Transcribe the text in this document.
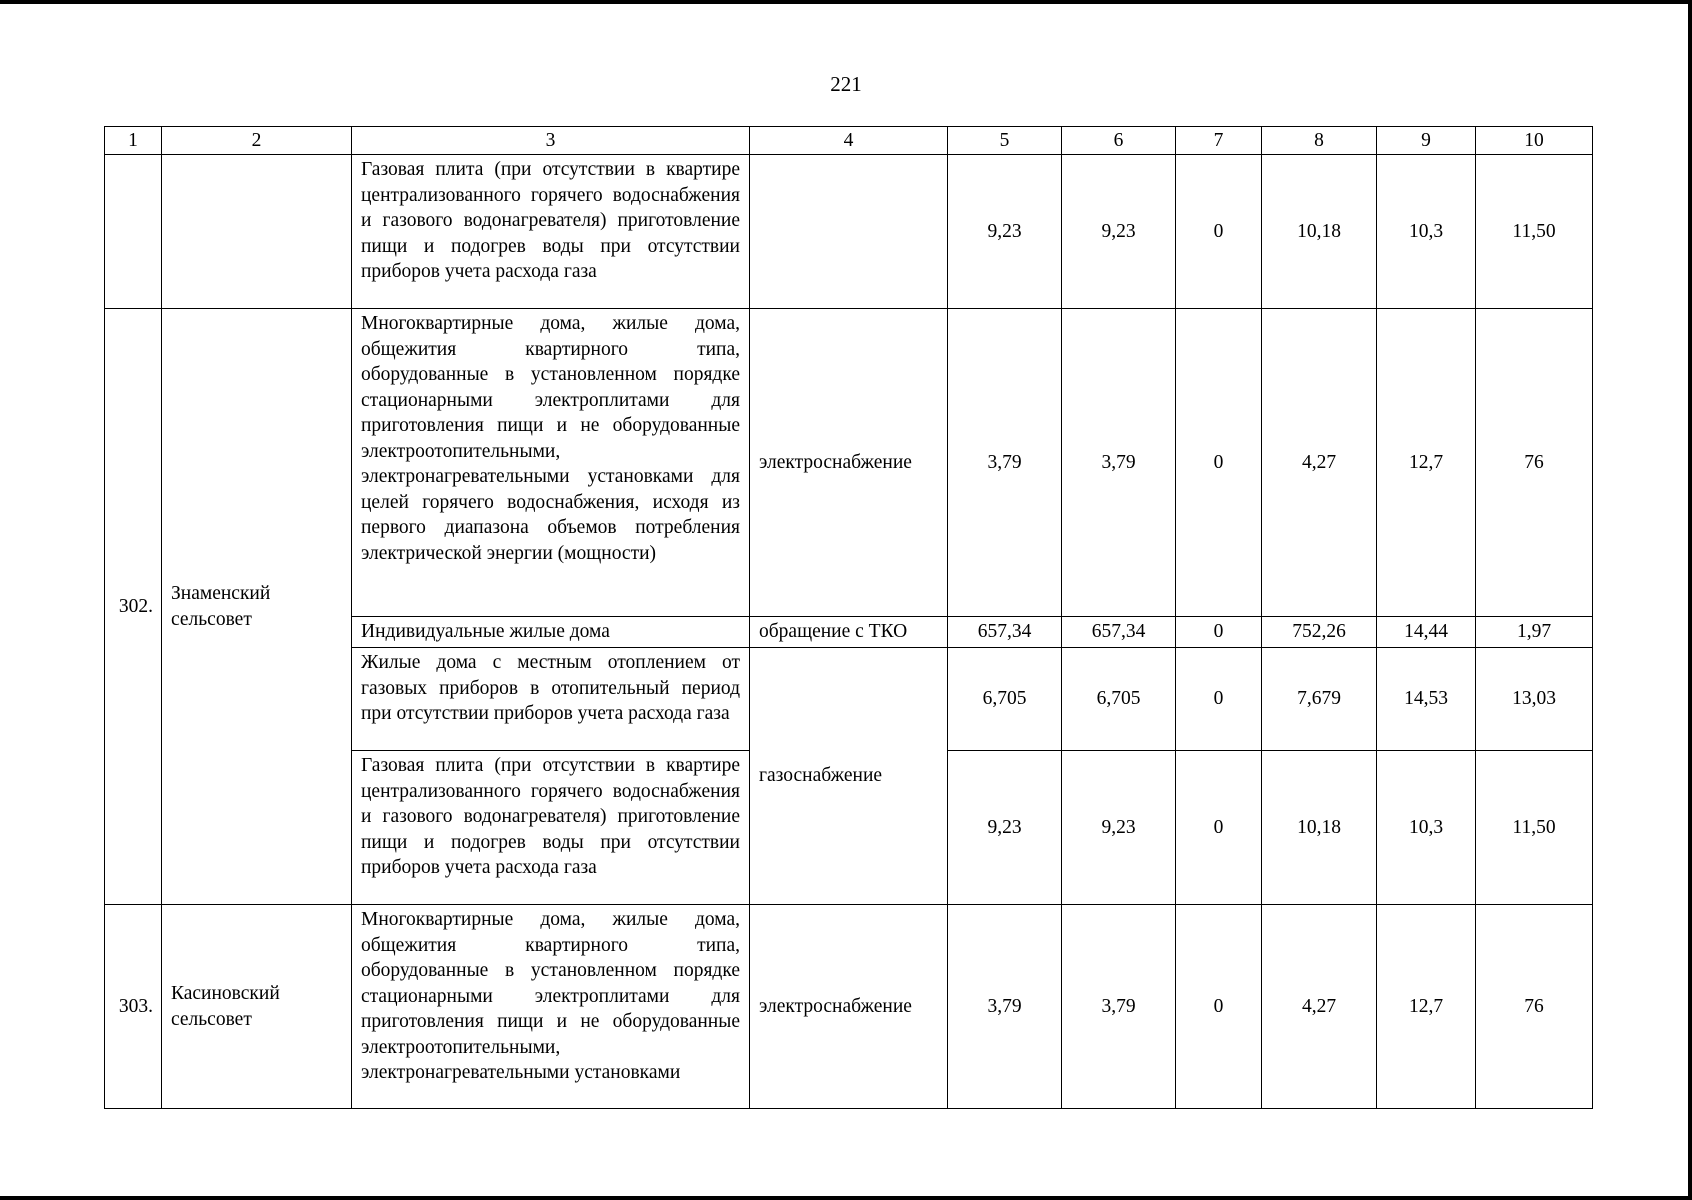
221
1	2	3	4	5	6	7	8	9	10
		Газовая плита (при отсутствии в квартире централизованного горячего водоснабжения и газового водонагревателя) приготовление пищи и подогрев воды при отсутствии приборов учета расхода газа		9,23	9,23	0	10,18	10,3	11,50
302.	Знаменский сельсовет	Многоквартирные дома, жилые дома, общежития квартирного типа, оборудованные в установленном порядке стационарными электроплитами для приготовления пищи и не оборудованные электроотопительными, электронагревательными установками для целей горячего водоснабжения, исходя из первого диапазона объемов потребления электрической энергии (мощности)	электроснабжение	3,79	3,79	0	4,27	12,7	76
		Индивидуальные жилые дома	обращение с ТКО	657,34	657,34	0	752,26	14,44	1,97
		Жилые дома с местным отоплением от газовых приборов в отопительный период при отсутствии приборов учета расхода газа	газоснабжение	6,705	6,705	0	7,679	14,53	13,03
		Газовая плита (при отсутствии в квартире централизованного горячего водоснабжения и газового водонагревателя) приготовление пищи и подогрев воды при отсутствии приборов учета расхода газа		9,23	9,23	0	10,18	10,3	11,50
303.	Касиновский сельсовет	Многоквартирные дома, жилые дома, общежития квартирного типа, оборудованные в установленном порядке стационарными электроплитами для приготовления пищи и не оборудованные электроотопительными, электронагревательными установками	электроснабжение	3,79	3,79	0	4,27	12,7	76
